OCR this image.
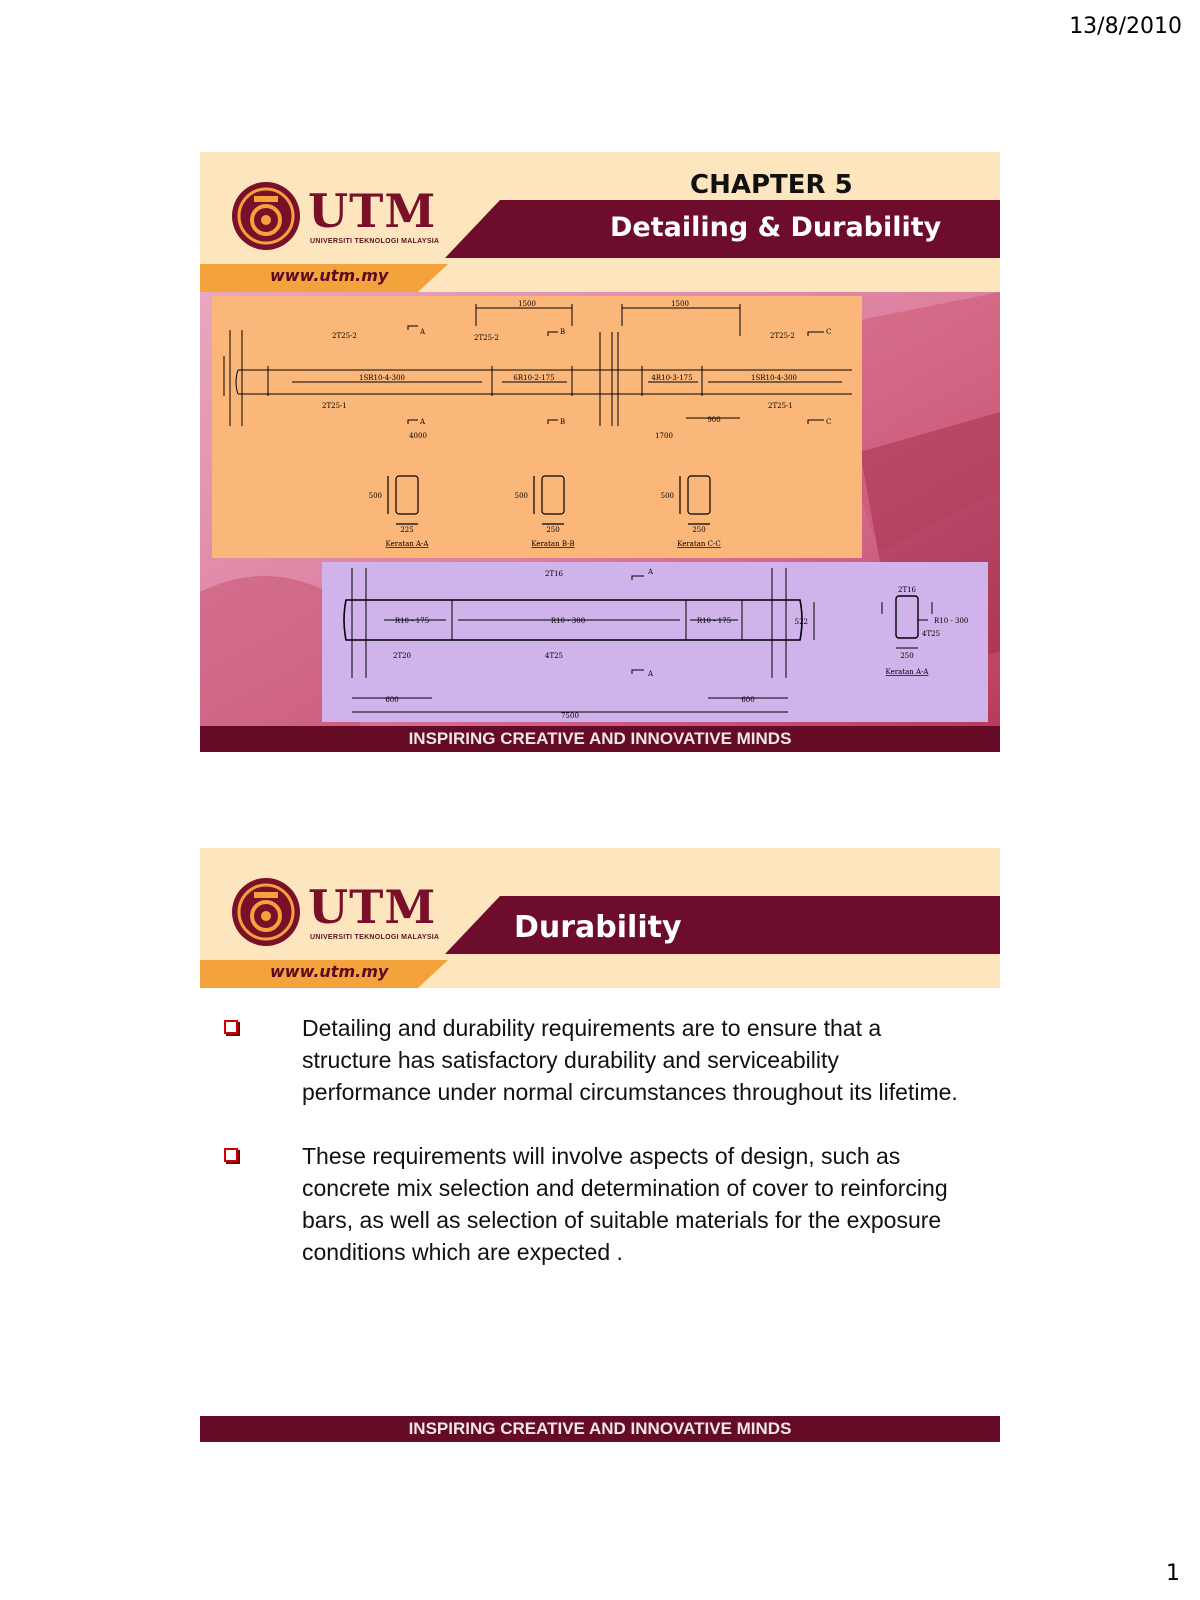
13/8/2010
UTM
UNIVERSITI TEKNOLOGI MALAYSIA
www.utm.my
CHAPTER 5
Detailing & Durability
1500	1500
2T25-2	2T25-2	2T25-2
1SR10-4-300	6R10-2-175	4R10-3-175	1SR10-4-300
2T25-1	2T25-1
900
4000	1700
A
A
B
B
C
C
500	500	500
225	250	250
Keratan A-A	Keratan B-B	Keratan C-C
2T16
R10 - 175	R10 - 300	R10 - 175
2T20	4T25
600	600
7500
522
A
A
2T16
R10 - 300
4T25
250
Keratan A-A
INSPIRING CREATIVE AND INNOVATIVE MINDS
UTM
UNIVERSITI TEKNOLOGI MALAYSIA
www.utm.my
Durability
Detailing and durability requirements are to ensure that a structure has satisfactory durability and serviceability performance under normal circumstances throughout its lifetime.
These requirements will involve aspects of design, such as concrete mix selection and determination of cover to reinforcing bars, as well as selection of suitable materials for the exposure conditions which are expected .
INSPIRING CREATIVE AND INNOVATIVE MINDS
1
